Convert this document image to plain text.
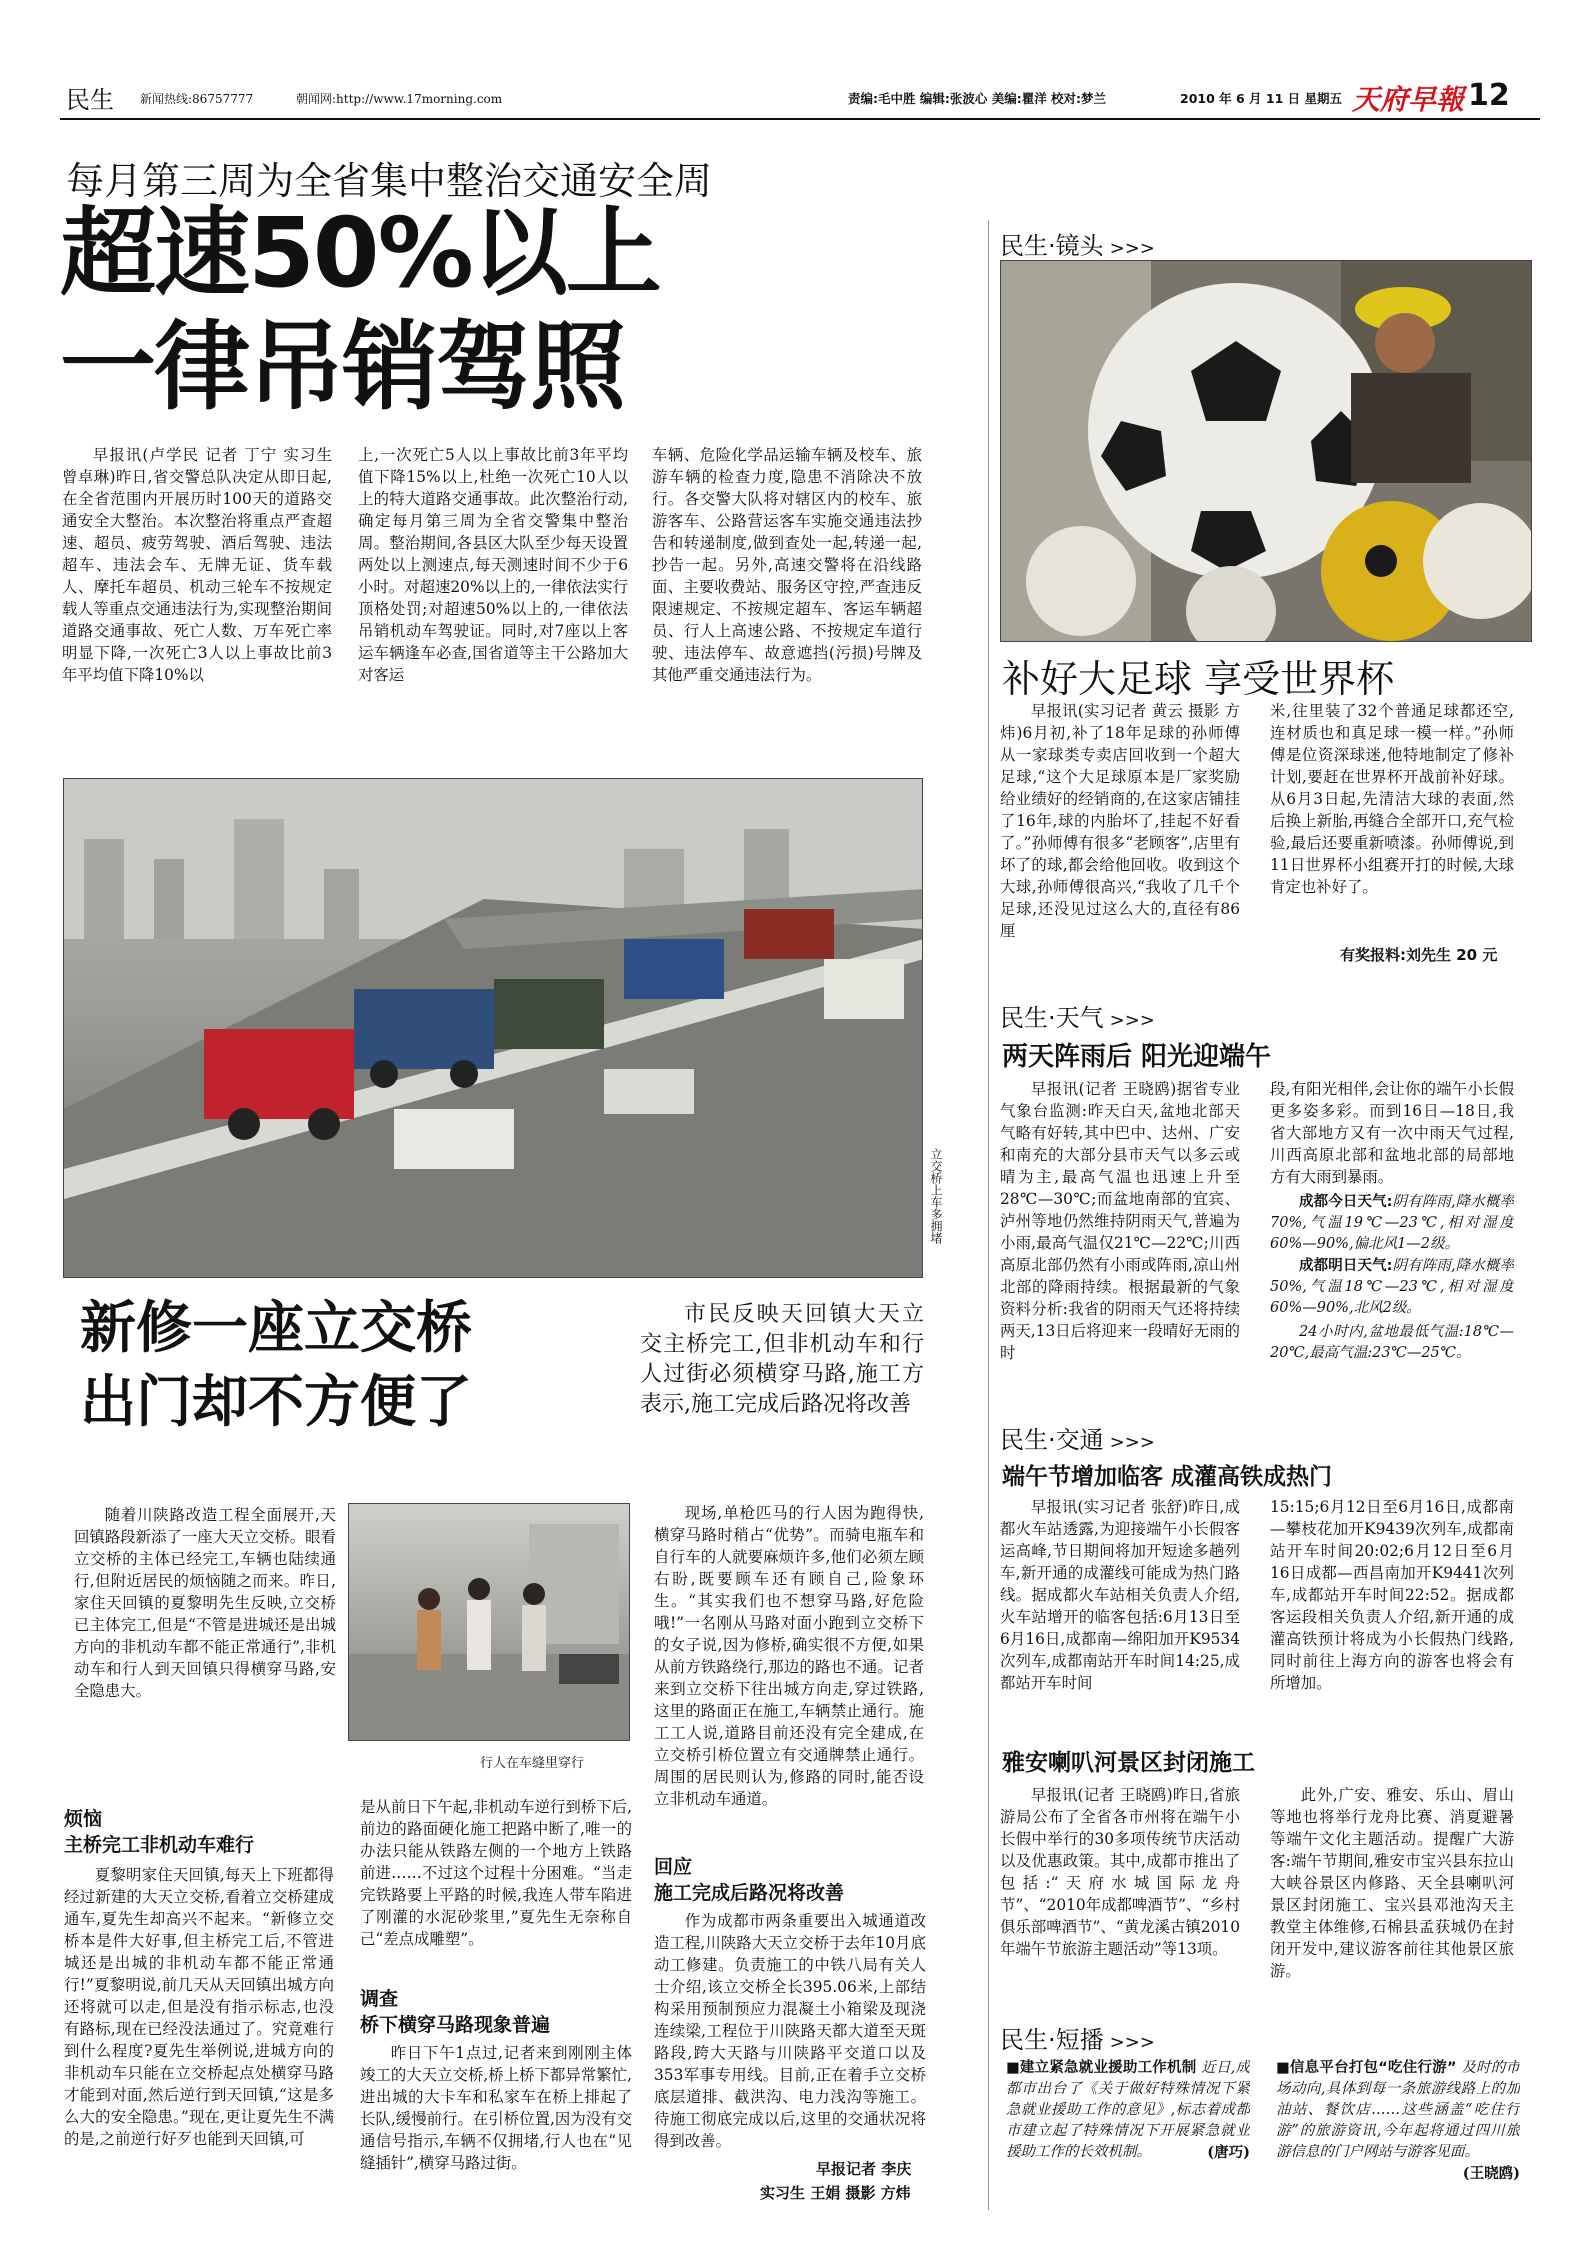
民生 新闻热线:86757777	朝闻网:http://www.17morning.com	责编:毛中胜 编辑:张波心 美编:瞿洋 校对:梦兰	2010 年 6 月 11 日 星期五 天府早報 12
每月第三周为全省集中整治交通安全周
超速50%以上
一律吊销驾照
早报讯(卢学民 记者 丁宁 实习生 曾卓琳)昨日,省交警总队决定从即日起,在全省范围内开展历时100天的道路交通安全大整治。本次整治将重点严查超速、超员、疲劳驾驶、酒后驾驶、违法超车、违法会车、无牌无证、货车载人、摩托车超员、机动三轮车不按规定载人等重点交通违法行为,实现整治期间道路交通事故、死亡人数、万车死亡率明显下降,一次死亡3人以上事故比前3年平均值下降10%以
上,一次死亡5人以上事故比前3年平均值下降15%以上,杜绝一次死亡10人以上的特大道路交通事故。此次整治行动,确定每月第三周为全省交警集中整治周。整治期间,各县区大队至少每天设置两处以上测速点,每天测速时间不少于6小时。对超速20%以上的,一律依法实行顶格处罚;对超速50%以上的,一律依法吊销机动车驾驶证。同时,对7座以上客运车辆逢车必查,国省道等主干公路加大对客运
车辆、危险化学品运输车辆及校车、旅游车辆的检查力度,隐患不消除决不放行。各交警大队将对辖区内的校车、旅游客车、公路营运客车实施交通违法抄告和转递制度,做到查处一起,转递一起,抄告一起。另外,高速交警将在沿线路面、主要收费站、服务区守控,严查违反限速规定、不按规定超车、客运车辆超员、行人上高速公路、不按规定车道行驶、违法停车、故意遮挡(污损)号牌及其他严重交通违法行为。
立交桥上车多拥堵
新修一座立交桥
出门却不方便了
市民反映天回镇大天立交主桥完工,但非机动车和行人过街必须横穿马路,施工方表示,施工完成后路况将改善
随着川陕路改造工程全面展开,天回镇路段新添了一座大天立交桥。眼看立交桥的主体已经完工,车辆也陆续通行,但附近居民的烦恼随之而来。昨日,家住天回镇的夏黎明先生反映,立交桥已主体完工,但是“不管是进城还是出城方向的非机动车都不能正常通行”,非机动车和行人到天回镇只得横穿马路,安全隐患大。
行人在车缝里穿行
现场,单枪匹马的行人因为跑得快,横穿马路时稍占“优势”。而骑电瓶车和自行车的人就要麻烦许多,他们必须左顾右盼,既要顾车还有顾自己,险象环生。“其实我们也不想穿马路,好危险哦!”一名刚从马路对面小跑到立交桥下的女子说,因为修桥,确实很不方便,如果从前方铁路绕行,那边的路也不通。记者来到立交桥下往出城方向走,穿过铁路,这里的路面正在施工,车辆禁止通行。施工工人说,道路目前还没有完全建成,在立交桥引桥位置立有交通牌禁止通行。周围的居民则认为,修路的同时,能否设立非机动车通道。
烦恼
主桥完工非机动车难行
夏黎明家住天回镇,每天上下班都得经过新建的大天立交桥,看着立交桥建成通车,夏先生却高兴不起来。“新修立交桥本是件大好事,但主桥完工后,不管进城还是出城的非机动车都不能正常通行!”夏黎明说,前几天从天回镇出城方向还将就可以走,但是没有指示标志,也没有路标,现在已经没法通过了。究竟难行到什么程度?夏先生举例说,进城方向的非机动车只能在立交桥起点处横穿马路才能到对面,然后逆行到天回镇,“这是多么大的安全隐患。”现在,更让夏先生不满的是,之前逆行好歹也能到天回镇,可
是从前日下午起,非机动车逆行到桥下后,前边的路面硬化施工把路中断了,唯一的办法只能从铁路左侧的一个地方上铁路前进……不过这个过程十分困难。“当走完铁路要上平路的时候,我连人带车陷进了刚灌的水泥砂浆里,”夏先生无奈称自己“差点成雕塑”。
调查
桥下横穿马路现象普遍
昨日下午1点过,记者来到刚刚主体竣工的大天立交桥,桥上桥下都异常繁忙,进出城的大卡车和私家车在桥上排起了长队,缓慢前行。在引桥位置,因为没有交通信号指示,车辆不仅拥堵,行人也在“见缝插针”,横穿马路过街。
回应
施工完成后路况将改善
作为成都市两条重要出入城通道改造工程,川陕路大天立交桥于去年10月底动工修建。负责施工的中铁八局有关人士介绍,该立交桥全长395.06米,上部结构采用预制预应力混凝土小箱梁及现浇连续梁,工程位于川陕路天都大道至天斑路段,跨大天路与川陕路平交道口以及353军事专用线。目前,正在着手立交桥底层道排、截洪沟、电力浅沟等施工。待施工彻底完成以后,这里的交通状况将得到改善。
早报记者 李庆
实习生 王娟 摄影 方炜
民生·镜头 >>>
补好大足球 享受世界杯
早报讯(实习记者 黄云 摄影 方炜)6月初,补了18年足球的孙师傅从一家球类专卖店回收到一个超大足球,“这个大足球原本是厂家奖励给业绩好的经销商的,在这家店铺挂了16年,球的内胎坏了,挂起不好看了。”孙师傅有很多“老顾客”,店里有坏了的球,都会给他回收。收到这个大球,孙师傅很高兴,“我收了几千个足球,还没见过这么大的,直径有86厘
米,往里装了32个普通足球都还空,连材质也和真足球一模一样。”孙师傅是位资深球迷,他特地制定了修补计划,要赶在世界杯开战前补好球。从6月3日起,先清洁大球的表面,然后换上新胎,再缝合全部开口,充气检验,最后还要重新喷漆。孙师傅说,到11日世界杯小组赛开打的时候,大球肯定也补好了。
有奖报料:刘先生 20 元
民生·天气 >>>
两天阵雨后 阳光迎端午
早报讯(记者 王晓鸥)据省专业气象台监测:昨天白天,盆地北部天气略有好转,其中巴中、达州、广安和南充的大部分县市天气以多云或晴为主,最高气温也迅速上升至28℃—30℃;而盆地南部的宜宾、泸州等地仍然维持阴雨天气,普遍为小雨,最高气温仅21℃—22℃;川西高原北部仍然有小雨或阵雨,凉山州北部的降雨持续。根据最新的气象资料分析:我省的阴雨天气还将持续两天,13日后将迎来一段晴好无雨的时
段,有阳光相伴,会让你的端午小长假更多姿多彩。而到16日—18日,我省大部地方又有一次中雨天气过程,川西高原北部和盆地北部的局部地方有大雨到暴雨。
成都今日天气:阴有阵雨,降水概率70%,气温19℃—23℃,相对湿度60%—90%,偏北风1—2级。
成都明日天气:阴有阵雨,降水概率50%,气温18℃—23℃,相对湿度60%—90%,北风2级。
24小时内,盆地最低气温:18℃—20℃,最高气温:23℃—25℃。
民生·交通 >>>
端午节增加临客 成灌高铁成热门
早报讯(实习记者 张舒)昨日,成都火车站透露,为迎接端午小长假客运高峰,节日期间将加开短途多趟列车,新开通的成灌线可能成为热门路线。据成都火车站相关负责人介绍,火车站增开的临客包括:6月13日至6月16日,成都南—绵阳加开K9534次列车,成都南站开车时间14:25,成都站开车时间
15:15;6月12日至6月16日,成都南—攀枝花加开K9439次列车,成都南站开车时间20:02;6月12日至6月16日成都—西昌南加开K9441次列车,成都站开车时间22:52。据成都客运段相关负责人介绍,新开通的成灌高铁预计将成为小长假热门线路,同时前往上海方向的游客也将会有所增加。
雅安喇叭河景区封闭施工
早报讯(记者 王晓鸥)昨日,省旅游局公布了全省各市州将在端午小长假中举行的30多项传统节庆活动以及优惠政策。其中,成都市推出了包括:“天府水城国际龙舟节”、“2010年成都啤酒节”、“乡村俱乐部啤酒节”、“黄龙溪古镇2010年端午节旅游主题活动”等13项。
此外,广安、雅安、乐山、眉山等地也将举行龙舟比赛、消夏避暑等端午文化主题活动。提醒广大游客:端午节期间,雅安市宝兴县东拉山大峡谷景区内修路、天全县喇叭河景区封闭施工、宝兴县邓池沟天主教堂主体维修,石棉县孟获城仍在封闭开发中,建议游客前往其他景区旅游。
民生·短播 >>>
■建立紧急就业援助工作机制 近日,成都市出台了《关于做好特殊情况下紧急就业援助工作的意见》,标志着成都市建立起了特殊情况下开展紧急就业援助工作的长效机制。	(唐巧)
■信息平台打包“吃住行游” 及时的市场动向,具体到每一条旅游线路上的加油站、餐饮店……这些涵盖“吃住行游”的旅游资讯,今年起将通过四川旅游信息的门户网站与游客见面。
(王晓鸥)
